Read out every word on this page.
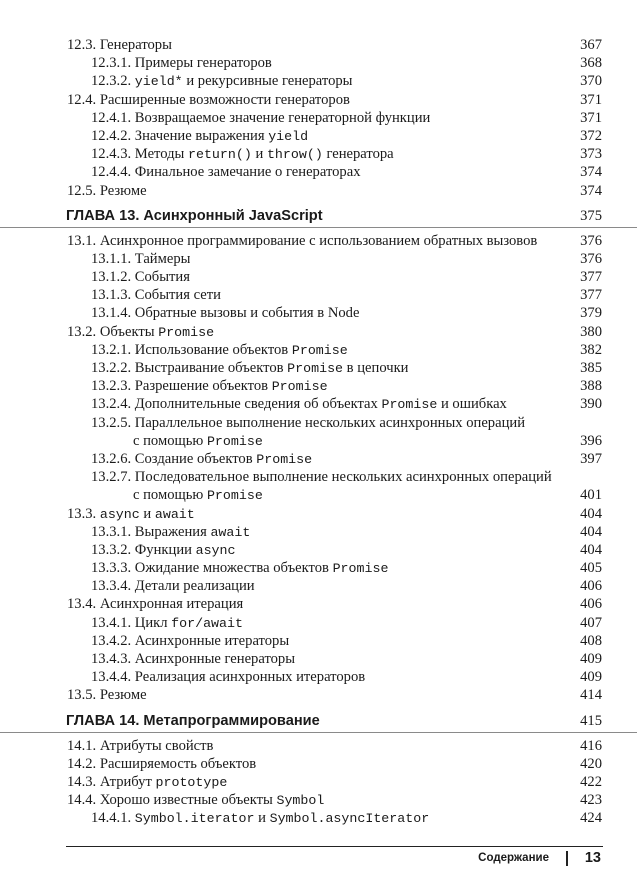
12.3. Генераторы	367
12.3.1. Примеры генераторов	368
12.3.2. yield* и рекурсивные генераторы	370
12.4. Расширенные возможности генераторов	371
12.4.1. Возвращаемое значение генераторной функции	371
12.4.2. Значение выражения yield	372
12.4.3. Методы return() и throw() генератора	373
12.4.4. Финальное замечание о генераторах	374
12.5. Резюме	374
ГЛАВА 13. Асинхронный JavaScript	375
13.1. Асинхронное программирование с использованием обратных вызовов	376
13.1.1. Таймеры	376
13.1.2. События	377
13.1.3. События сети	377
13.1.4. Обратные вызовы и события в Node	379
13.2. Объекты Promise	380
13.2.1. Использование объектов Promise	382
13.2.2. Выстраивание объектов Promise в цепочки	385
13.2.3. Разрешение объектов Promise	388
13.2.4. Дополнительные сведения об объектах Promise и ошибках	390
13.2.5. Параллельное выполнение нескольких асинхронных операций
с помощью Promise	396
13.2.6. Создание объектов Promise	397
13.2.7. Последовательное выполнение нескольких асинхронных операций
с помощью Promise	401
13.3. async и await	404
13.3.1. Выражения await	404
13.3.2. Функции async	404
13.3.3. Ожидание множества объектов Promise	405
13.3.4. Детали реализации	406
13.4. Асинхронная итерация	406
13.4.1. Цикл for/await	407
13.4.2. Асинхронные итераторы	408
13.4.3. Асинхронные генераторы	409
13.4.4. Реализация асинхронных итераторов	409
13.5. Резюме	414
ГЛАВА 14. Метапрограммирование	415
14.1. Атрибуты свойств	416
14.2. Расширяемость объектов	420
14.3. Атрибут prototype	422
14.4. Хорошо известные объекты Symbol	423
14.4.1. Symbol.iterator и Symbol.asyncIterator	424
Содержание 13
